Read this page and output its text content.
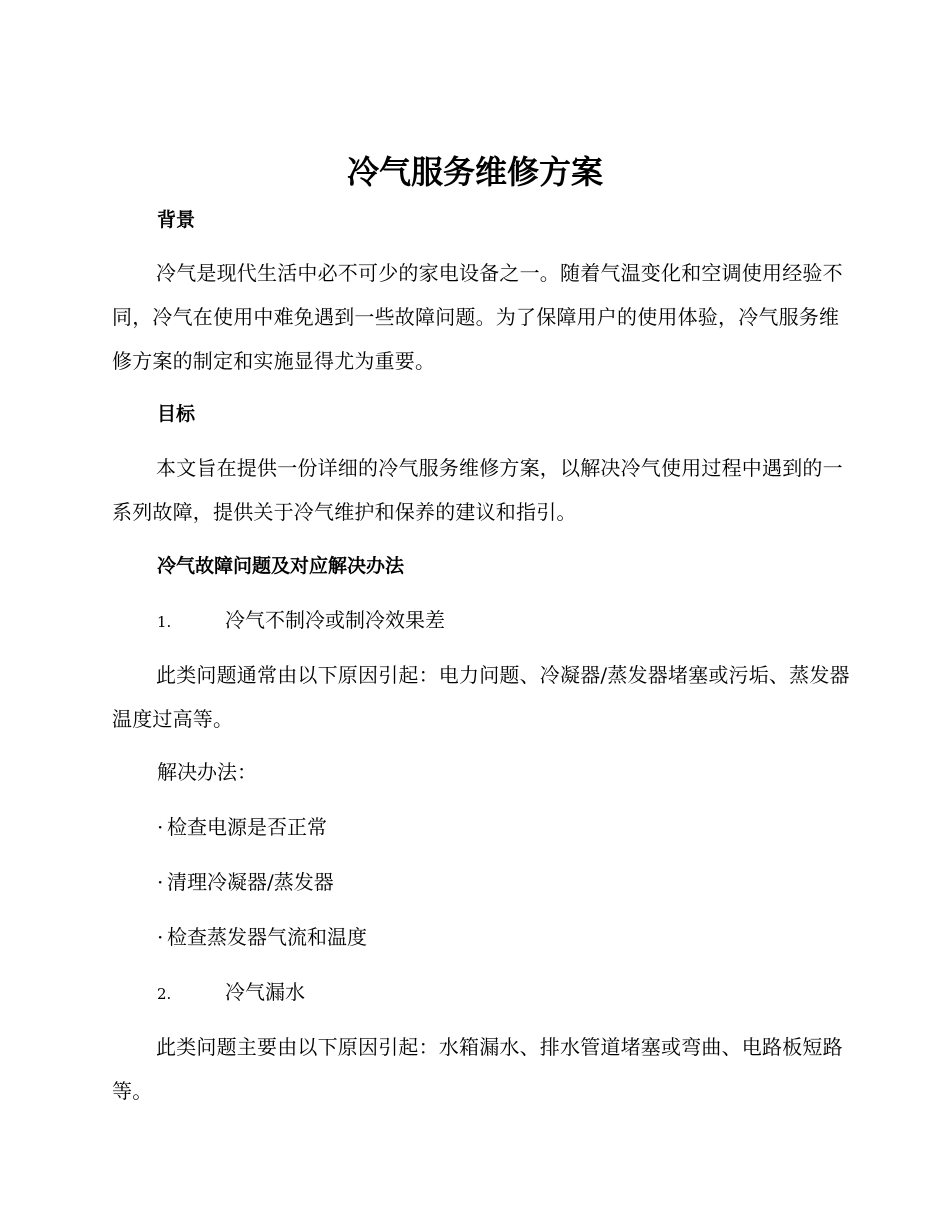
冷气服务维修方案
背景

冷气是现代生活中必不可少的家电设备之一。随着气温变化和空调使用经验不同，冷气在使用中难免遇到一些故障问题。为了保障用户的使用体验，冷气服务维修方案的制定和实施显得尤为重要。

目标

本文旨在提供一份详细的冷气服务维修方案，以解决冷气使用过程中遇到的一系列故障，提供关于冷气维护和保养的建议和指引。

冷气故障问题及对应解决办法
1.	冷气不制冷或制冷效果差

此类问题通常由以下原因引起：电力问题、冷凝器/蒸发器堵塞或污垢、蒸发器温度过高等。

解决办法：

· 检查电源是否正常
· 清理冷凝器/蒸发器
· 检查蒸发器气流和温度
2.	冷气漏水

此类问题主要由以下原因引起：水箱漏水、排水管道堵塞或弯曲、电路板短路等。
